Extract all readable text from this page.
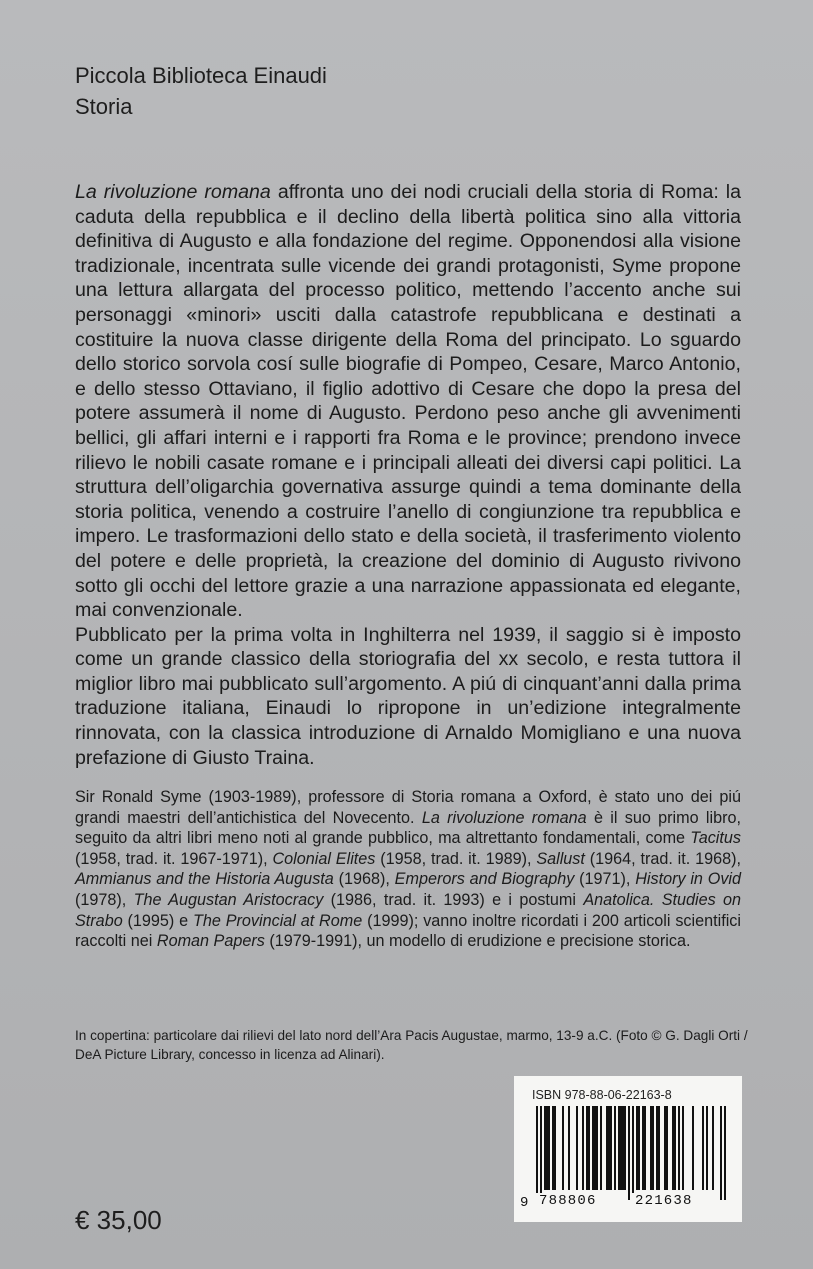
Piccola Biblioteca Einaudi
Storia

La rivoluzione romana affronta uno dei nodi cruciali della storia di Roma: la caduta della repubblica e il declino della libertà politica sino alla vittoria definitiva di Augusto e alla fondazione del regime. Opponendosi alla visione tradizionale, incentrata sulle vicende dei grandi protagonisti, Syme propone una lettura allargata del processo politico, mettendo l’accento anche sui personaggi «minori» usciti dalla catastrofe repubblicana e destinati a costituire la nuova classe dirigente della Roma del principato. Lo sguardo dello storico sorvola cosí sulle biografie di Pompeo, Cesare, Marco Antonio, e dello stesso Ottaviano, il figlio adottivo di Cesare che dopo la presa del potere assumerà il nome di Augusto. Perdono peso anche gli avvenimenti bellici, gli affari interni e i rapporti fra Roma e le province; prendono invece rilievo le nobili casate romane e i principali alleati dei diversi capi politici. La struttura dell’oligarchia governativa assurge quindi a tema dominante della storia politica, venendo a costruire l’anello di congiunzione tra repubblica e impero. Le trasformazioni dello stato e della società, il trasferimento violento del potere e delle proprietà, la creazione del dominio di Augusto rivivono sotto gli occhi del lettore grazie a una narrazione appassionata ed elegante, mai convenzionale.

Pubblicato per la prima volta in Inghilterra nel 1939, il saggio si è imposto come un grande classico della storiografia del xx secolo, e resta tuttora il miglior libro mai pubblicato sull’argomento. A piú di cinquant’anni dalla prima traduzione italiana, Einaudi lo ripropone in un’edizione integralmente rinnovata, con la classica introduzione di Arnaldo Momigliano e una nuova prefazione di Giusto Traina.

Sir Ronald Syme (1903-1989), professore di Storia romana a Oxford, è stato uno dei piú grandi maestri dell’antichistica del Novecento. La rivoluzione romana è il suo primo libro, seguito da altri libri meno noti al grande pubblico, ma altrettanto fondamentali, come Tacitus (1958, trad. it. 1967-1971), Colonial Elites (1958, trad. it. 1989), Sallust (1964, trad. it. 1968), Ammianus and the Historia Augusta (1968), Emperors and Biography (1971), History in Ovid (1978), The Augustan Aristocracy (1986, trad. it. 1993) e i postumi Anatolica. Studies on Strabo (1995) e The Provincial at Rome (1999); vanno inoltre ricordati i 200 articoli scientifici raccolti nei Roman Papers (1979-1991), un modello di erudizione e precisione storica.

In copertina: particolare dai rilievi del lato nord dell’Ara Pacis Augustae, marmo, 13-9 a.C. (Foto © G. Dagli Orti / DeA Picture Library, concesso in licenza ad Alinari).
ISBN 978-88-06-22163-8
9 788806	221638
€ 35,00
